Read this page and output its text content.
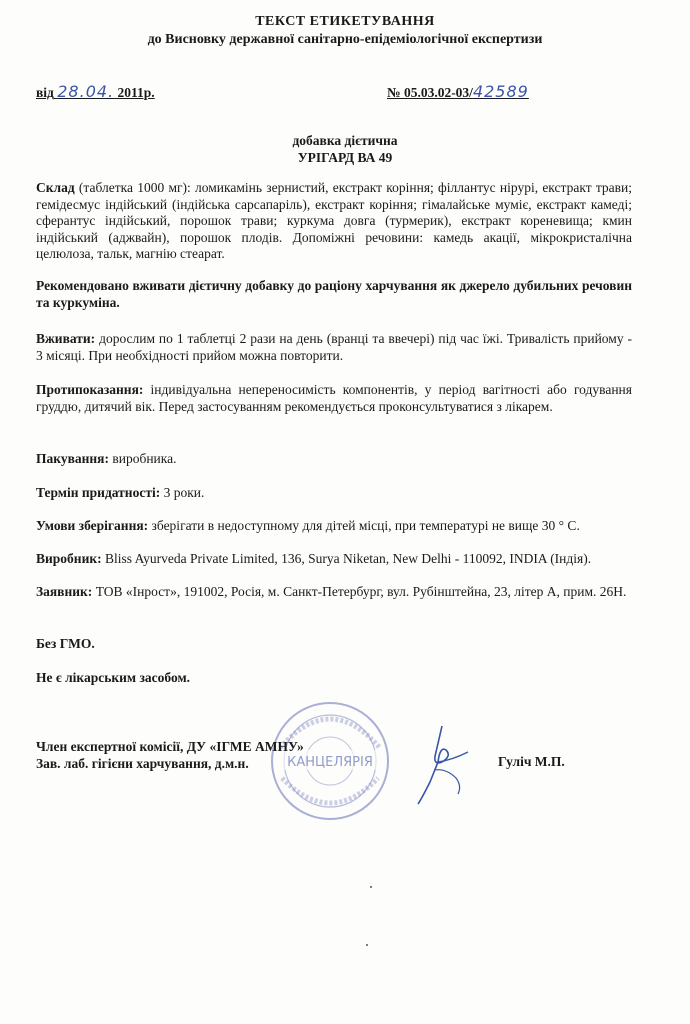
ТЕКСТ ЕТИКЕТУВАННЯ
до Висновку державної санітарно-епідеміологічної експертизи
від 28.04. 2011р.	№ 05.03.02-03/42589
добавка дієтична
УРІГАРД ВА 49
Склад (таблетка 1000 мг): ломикамінь зернистий, екстракт коріння; філлантус нірурі, екстракт трави; гемідесмус індійський (індійська сарсапаріль), екстракт коріння; гімалайське муміє, екстракт камеді; сферантус індійський, порошок трави; куркума довга (турмерик), екстракт кореневища; кмин індійський (аджвайн), порошок плодів. Допоміжні речовини: камедь акації, мікрокристалічна целюлоза, тальк, магнію стеарат.
Рекомендовано вживати дієтичну добавку до раціону харчування як джерело дубильних речовин та куркуміна.
Вживати: дорослим по 1 таблетці 2 рази на день (вранці та ввечері) під час їжі. Тривалість прийому - 3 місяці. При необхідності прийом можна повторити.
Протипоказання: індивідуальна непереносимість компонентів, у період вагітності або годування груддю, дитячий вік. Перед застосуванням рекомендується проконсультуватися з лікарем.
Пакування: виробника.
Термін придатності: 3 роки.
Умови зберігання: зберігати в недоступному для дітей місці, при температурі не вище 30 ° С.
Виробник: Bliss Ayurveda Private Limited, 136, Surya Niketan, New Delhi - 110092, INDIA (Індія).
Заявник: ТОВ «Інрост», 191002, Росія, м. Санкт-Петербург, вул. Рубінштейна, 23, літер А, прим. 26Н.
Без ГМО.
Не є лікарським засобом.
КАНЦЕЛЯРІЯ
Член експертної комісії, ДУ «ІГМЕ АМНУ»
Зав. лаб. гігієни харчування, д.м.н.	Гуліч М.П.
